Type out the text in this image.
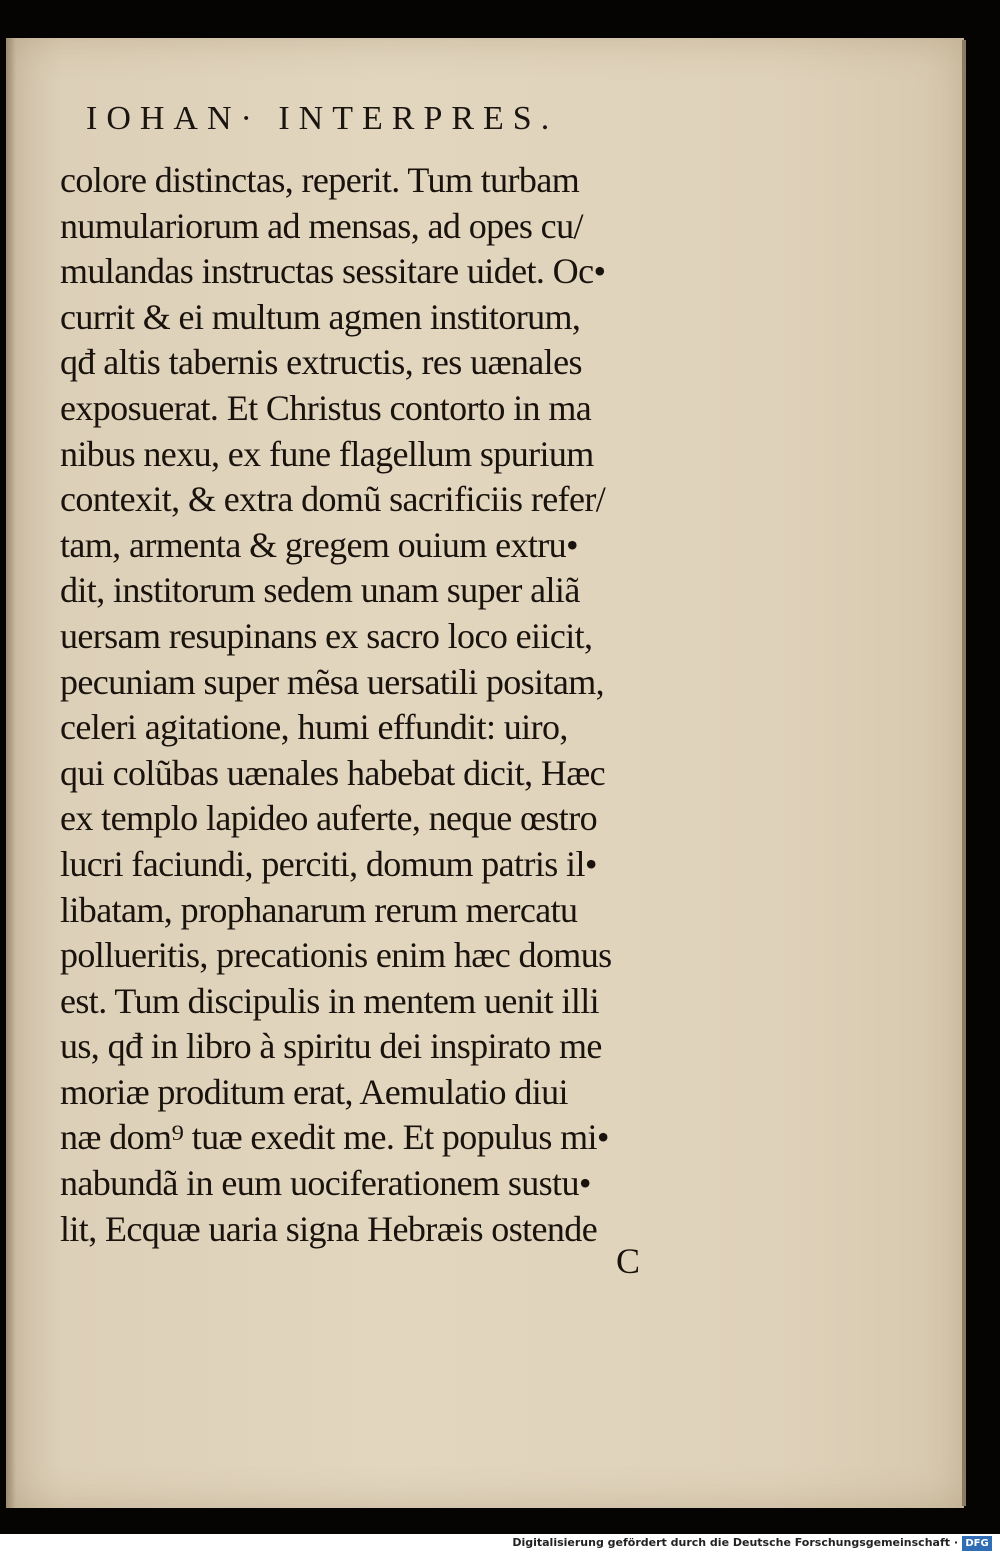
IOHAN· INTERPRES.
colore distinctas, reperit. Tum turbam
numulariorum ad mensas, ad opes cu/
mulandas instructas sessitare uidet. Oc•
currit & ei multum agmen institorum,
qđ altis tabernis extructis, res uænales
exposuerat. Et Christus contorto in ma
nibus nexu, ex fune flagellum spurium
contexit, & extra domũ sacrificiis refer/
tam, armenta & gregem ouium extru•
dit, institorum sedem unam super aliã
uersam resupinans ex sacro loco eiicit,
pecuniam super mẽsa uersatili positam,
celeri agitatione, humi effundit: uiro,
qui colũbas uænales habebat dicit, Hæc
ex templo lapideo auferte, neque œstro
lucri faciundi, perciti, domum patris il•
libatam, prophanarum rerum mercatu
pollueritis, precationis enim hæc domus
est. Tum discipulis in mentem uenit illi
us, qđ in libro à spiritu dei inspirato me
moriæ proditum erat, Aemulatio diui
næ dom⁹ tuæ exedit me. Et populus mi•
nabundã in eum uociferationem sustu•
lit, Ecquæ uaria signa Hebræis ostende
C
Digitalisierung gefördert durch die Deutsche Forschungsgemeinschaft · DFG
